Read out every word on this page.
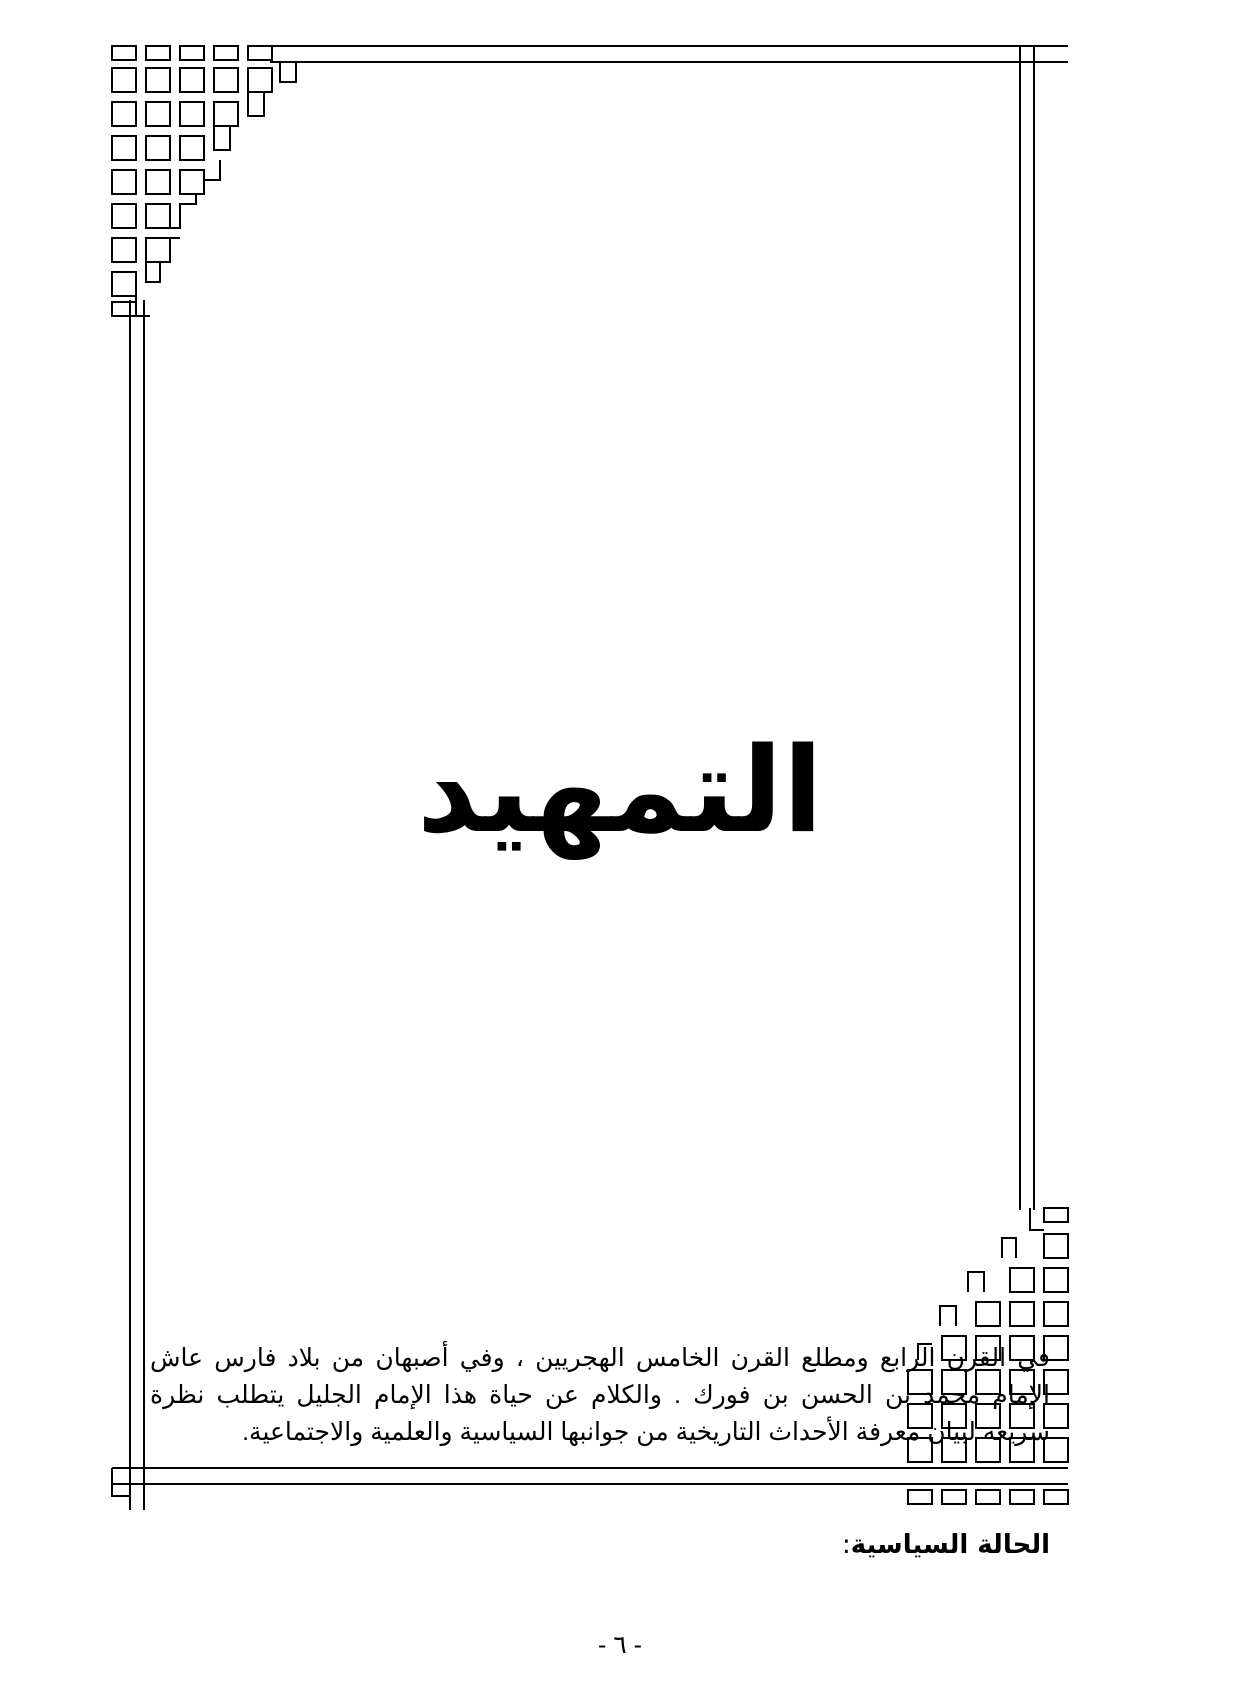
التمهيد
في القرن الرابع ومطلع القرن الخامس الهجريين ، وفي أصبهان من بلاد فارس عاش الإمام محمد بن الحسن بن فورك . والكلام عن حياة هذا الإمام الجليل يتطلب نظرة سريعة لبيان معرفة الأحداث التاريخية من جوانبها السياسية والعلمية والاجتماعية.
الحالة السياسية:
- ٦ -
